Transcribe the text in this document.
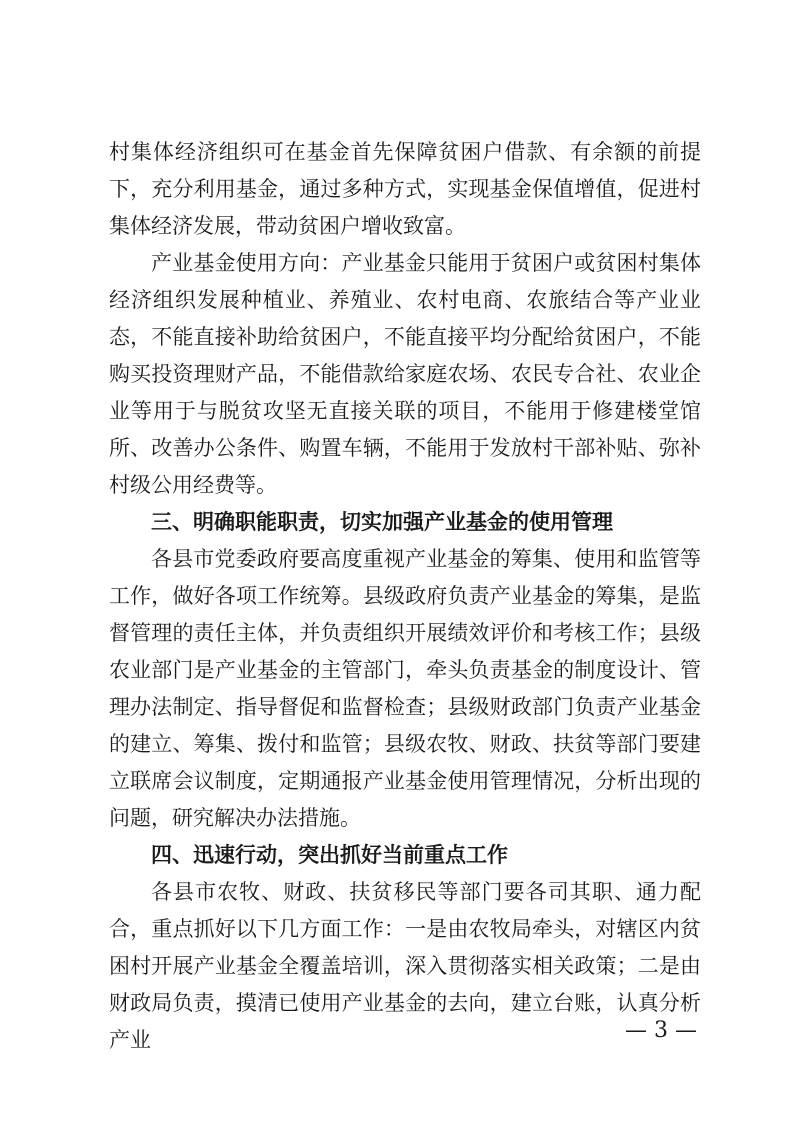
村集体经济组织可在基金首先保障贫困户借款、有余额的前提下，充分利用基金，通过多种方式，实现基金保值增值，促进村集体经济发展，带动贫困户增收致富。

产业基金使用方向：产业基金只能用于贫困户或贫困村集体经济组织发展种植业、养殖业、农村电商、农旅结合等产业业态，不能直接补助给贫困户，不能直接平均分配给贫困户，不能购买投资理财产品，不能借款给家庭农场、农民专合社、农业企业等用于与脱贫攻坚无直接关联的项目，不能用于修建楼堂馆所、改善办公条件、购置车辆，不能用于发放村干部补贴、弥补村级公用经费等。

三、明确职能职责，切实加强产业基金的使用管理

各县市党委政府要高度重视产业基金的筹集、使用和监管等工作，做好各项工作统筹。县级政府负责产业基金的筹集，是监督管理的责任主体，并负责组织开展绩效评价和考核工作；县级农业部门是产业基金的主管部门，牵头负责基金的制度设计、管理办法制定、指导督促和监督检查；县级财政部门负责产业基金的建立、筹集、拨付和监管；县级农牧、财政、扶贫等部门要建立联席会议制度，定期通报产业基金使用管理情况，分析出现的问题，研究解决办法措施。

四、迅速行动，突出抓好当前重点工作

各县市农牧、财政、扶贫移民等部门要各司其职、通力配合，重点抓好以下几方面工作：一是由农牧局牵头，对辖区内贫困村开展产业基金全覆盖培训，深入贯彻落实相关政策；二是由财政局负责，摸清已使用产业基金的去向，建立台账，认真分析产业	— 3 —
